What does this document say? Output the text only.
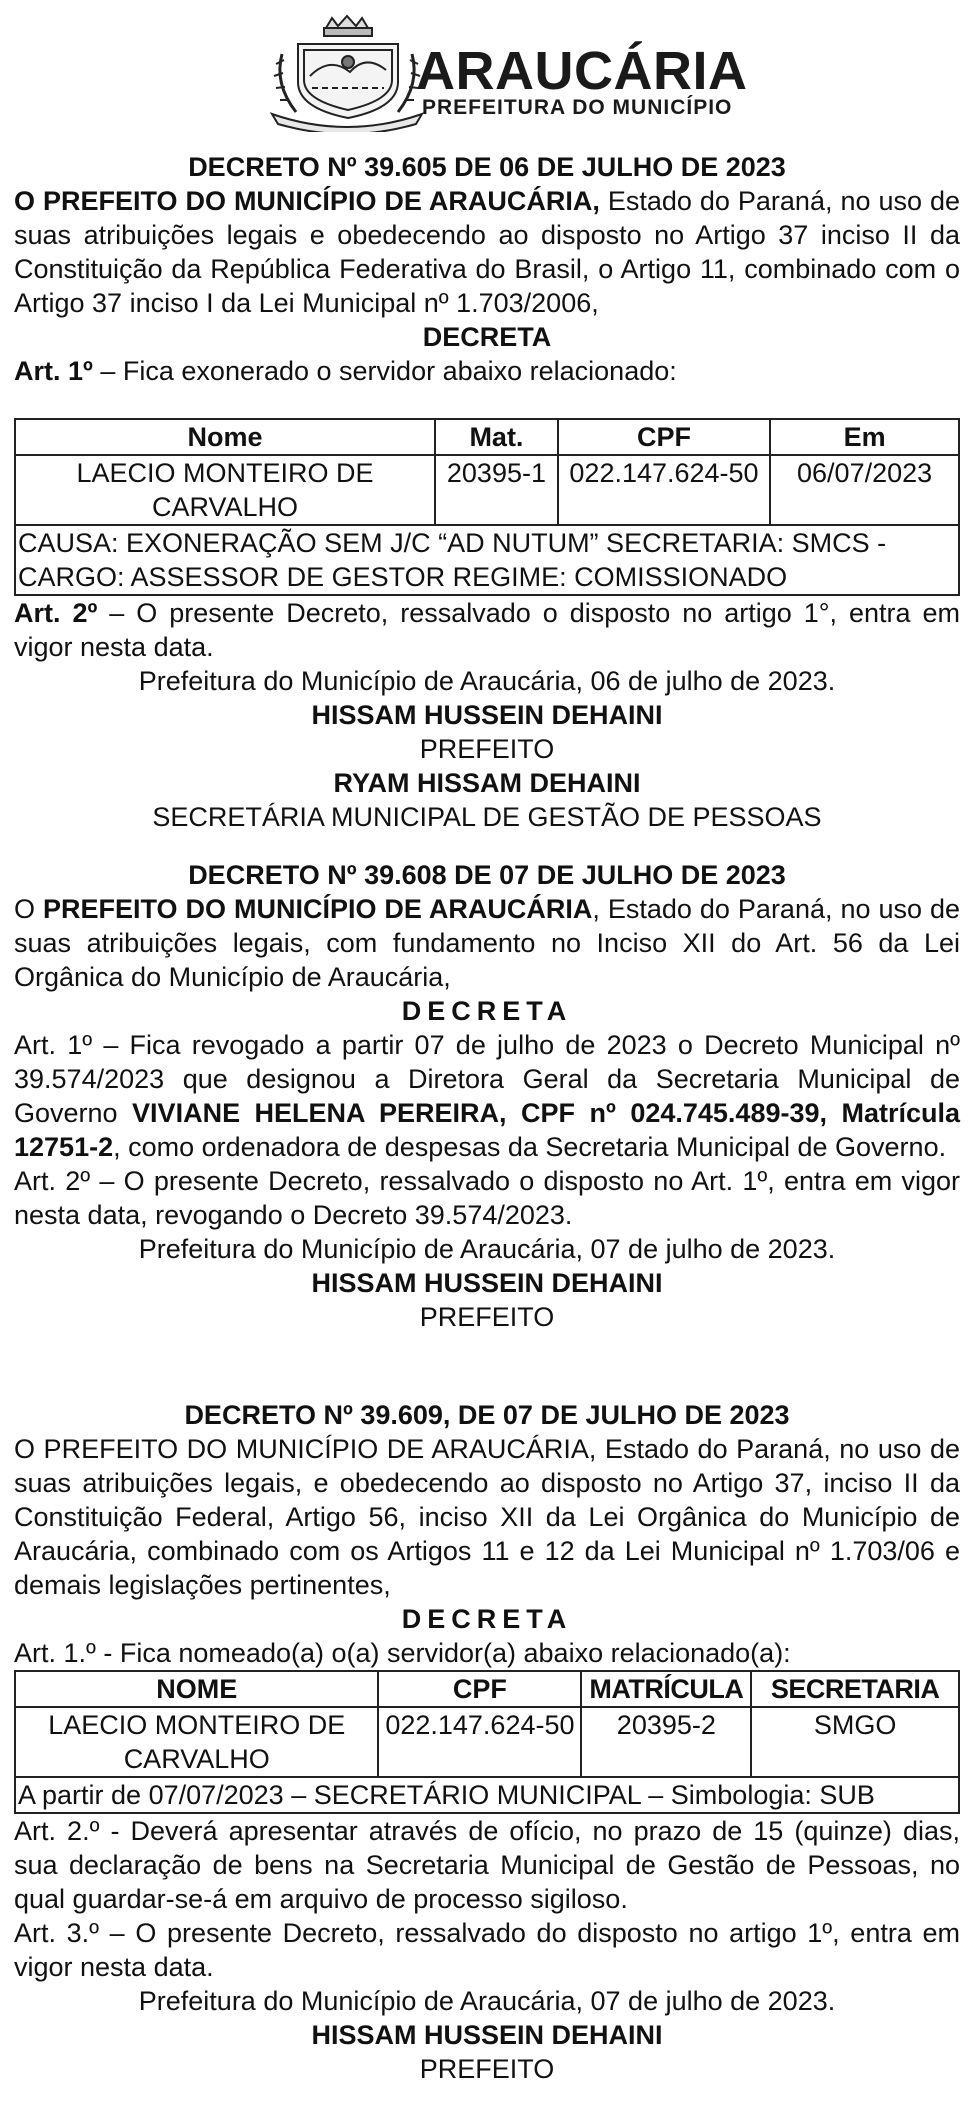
ARAUCÁRIA
PREFEITURA DO MUNICÍPIO
DECRETO Nº 39.605 DE 06 DE JULHO DE 2023
O PREFEITO DO MUNICÍPIO DE ARAUCÁRIA, Estado do Paraná, no uso de suas atribuições legais e obedecendo ao disposto no Artigo 37 inciso II da Constituição da República Federativa do Brasil, o Artigo 11, combinado com o Artigo 37 inciso I da Lei Municipal nº 1.703/2006,
DECRETA
Art. 1º – Fica exonerado o servidor abaixo relacionado:
Nome	Mat.	CPF	Em
LAECIO MONTEIRO DE CARVALHO	20395-1	022.147.624-50	06/07/2023
CAUSA: EXONERAÇÃO SEM J/C “AD NUTUM” SECRETARIA: SMCS - CARGO: ASSESSOR DE GESTOR REGIME: COMISSIONADO			
Art. 2º – O presente Decreto, ressalvado o disposto no artigo 1°, entra em vigor nesta data.
Prefeitura do Município de Araucária, 06 de julho de 2023.
HISSAM HUSSEIN DEHAINI
PREFEITO
RYAM HISSAM DEHAINI
SECRETÁRIA MUNICIPAL DE GESTÃO DE PESSOAS
DECRETO Nº 39.608 DE 07 DE JULHO DE 2023
O PREFEITO DO MUNICÍPIO DE ARAUCÁRIA, Estado do Paraná, no uso de suas atribuições legais, com fundamento no Inciso XII do Art. 56 da Lei Orgânica do Município de Araucária,
DECRETA
Art. 1º – Fica revogado a partir 07 de julho de 2023 o Decreto Municipal nº 39.574/2023 que designou a Diretora Geral da Secretaria Municipal de Governo VIVIANE HELENA PEREIRA, CPF nº 024.745.489-39, Matrícula 12751-2, como ordenadora de despesas da Secretaria Municipal de Governo.
Art. 2º – O presente Decreto, ressalvado o disposto no Art. 1º, entra em vigor nesta data, revogando o Decreto 39.574/2023.
Prefeitura do Município de Araucária, 07 de julho de 2023.
HISSAM HUSSEIN DEHAINI
PREFEITO
DECRETO Nº 39.609, DE 07 DE JULHO DE 2023
O PREFEITO DO MUNICÍPIO DE ARAUCÁRIA, Estado do Paraná, no uso de suas atribuições legais, e obedecendo ao disposto no Artigo 37, inciso II da Constituição Federal, Artigo 56, inciso XII da Lei Orgânica do Município de Araucária, combinado com os Artigos 11 e 12 da Lei Municipal nº 1.703/06 e demais legislações pertinentes,
DECRETA
Art. 1.º - Fica nomeado(a) o(a) servidor(a) abaixo relacionado(a):
NOME	CPF	MATRÍCULA	SECRETARIA
LAECIO MONTEIRO DE CARVALHO	022.147.624-50	20395-2	SMGO
A partir de 07/07/2023 – SECRETÁRIO MUNICIPAL – Simbologia: SUB			
Art. 2.º - Deverá apresentar através de ofício, no prazo de 15 (quinze) dias, sua declaração de bens na Secretaria Municipal de Gestão de Pessoas, no qual guardar-se-á em arquivo de processo sigiloso.
Art. 3.º – O presente Decreto, ressalvado do disposto no artigo 1º, entra em vigor nesta data.
Prefeitura do Município de Araucária, 07 de julho de 2023.
HISSAM HUSSEIN DEHAINI
PREFEITO
